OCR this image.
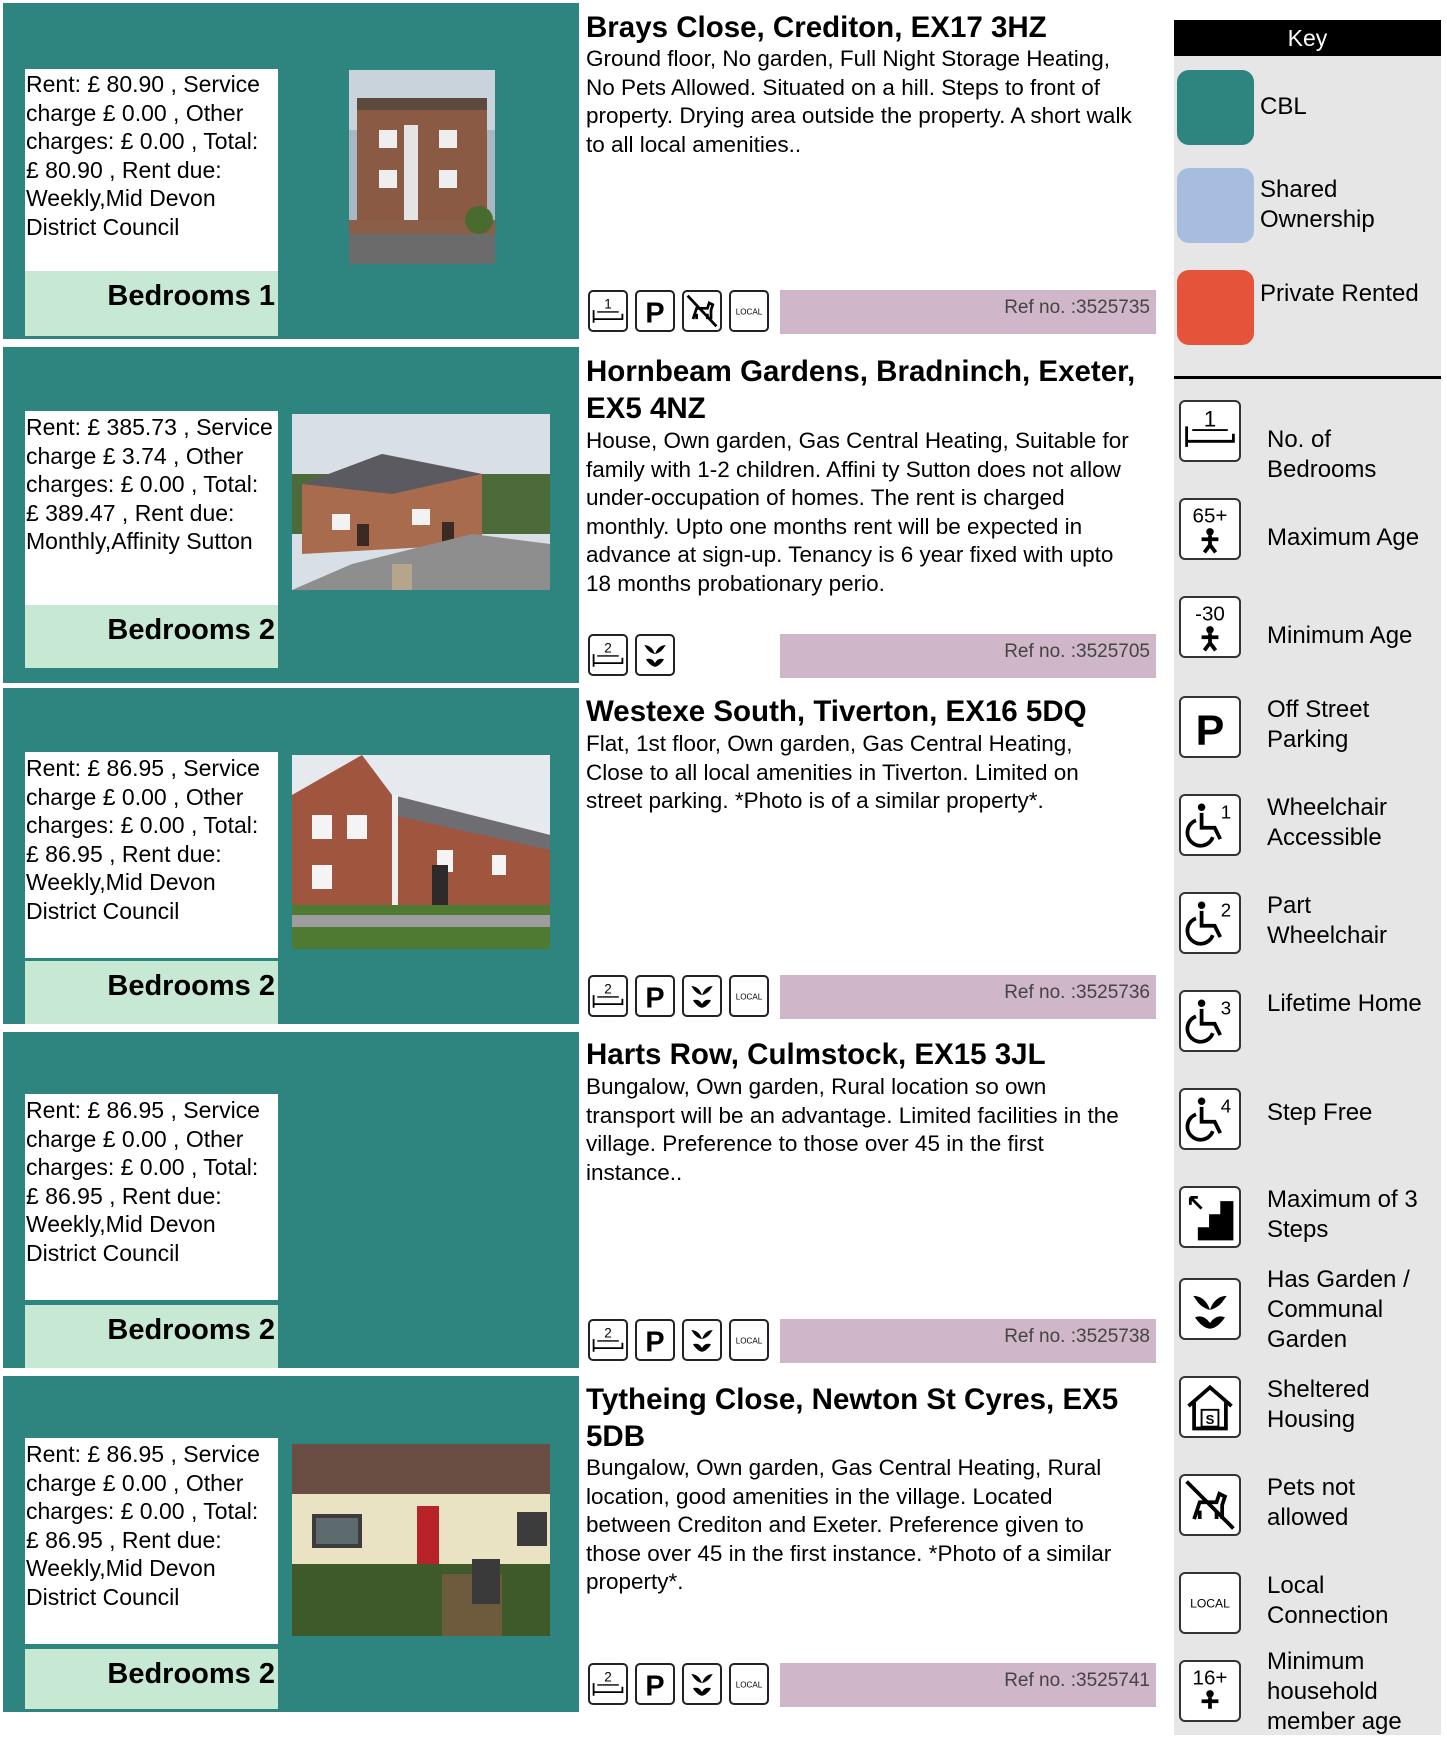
Rent: £ 80.90 , Service charge £ 0.00 , Other charges: £ 0.00 , Total: £ 80.90 , Rent due: Weekly,Mid Devon District Council
Bedrooms 1
Brays Close, Crediton, EX17 3HZ
Ground floor, No garden, Full Night Storage Heating, No Pets Allowed. Situated on a hill. Steps to front of property. Drying area outside the property. A short walk to all local amenities..
1 P	LOCAL	Ref no. :3525735
Rent: £ 385.73 , Service charge £ 3.74 , Other charges: £ 0.00 , Total: £ 389.47 , Rent due: Monthly,Affinity Sutton
Bedrooms 2
Hornbeam Gardens, Bradninch, Exeter, EX5 4NZ
House, Own garden, Gas Central Heating, Suitable for family with 1-2 children. Affini ty Sutton does not allow under-occupation of homes. The rent is charged monthly. Upto one months rent will be expected in advance at sign-up. Tenancy is 6 year fixed with upto 18 months probationary perio.
2	Ref no. :3525705
Rent: £ 86.95 , Service charge £ 0.00 , Other charges: £ 0.00 , Total: £ 86.95 , Rent due: Weekly,Mid Devon District Council
Bedrooms 2
Westexe South, Tiverton, EX16 5DQ
Flat, 1st floor, Own garden, Gas Central Heating, Close to all local amenities in Tiverton. Limited on street parking. *Photo is of a similar property*.
2 P	LOCAL	Ref no. :3525736
Rent: £ 86.95 , Service charge £ 0.00 , Other charges: £ 0.00 , Total: £ 86.95 , Rent due: Weekly,Mid Devon District Council
Bedrooms 2
Harts Row, Culmstock, EX15 3JL
Bungalow, Own garden, Rural location so own transport will be an advantage. Limited facilities in the village. Preference to those over 45 in the first instance..
2 P	LOCAL	Ref no. :3525738
Rent: £ 86.95 , Service charge £ 0.00 , Other charges: £ 0.00 , Total: £ 86.95 , Rent due: Weekly,Mid Devon District Council
Bedrooms 2
Tytheing Close, Newton St Cyres, EX5 5DB
Bungalow, Own garden, Gas Central Heating, Rural location, good amenities in the village. Located between Crediton and Exeter. Preference given to those over 45 in the first instance. *Photo of a similar property*.
2 P	LOCAL	Ref no. :3525741
Key
CBL
Shared Ownership
Private Rented
1
No. of Bedrooms
65+
Maximum Age
-30
Minimum Age
P Off Street Parking
1 Wheelchair Accessible
2 Part Wheelchair
3 Lifetime Home
4 Step Free
Maximum of 3 Steps
Has Garden / Communal Garden
S
Sheltered Housing
Pets not allowed
LOCAL
Local Connection
16+
Minimum household member age
